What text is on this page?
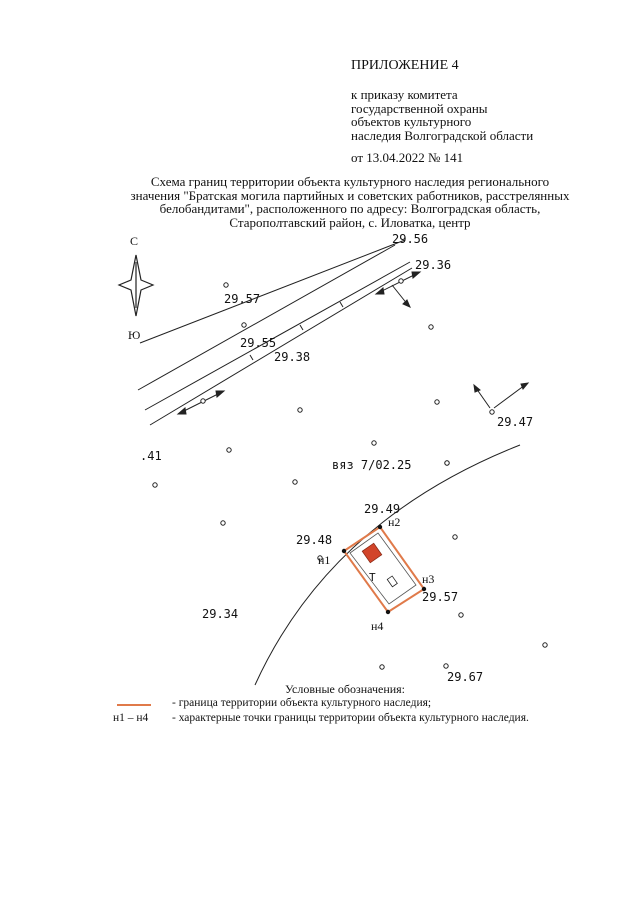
ПРИЛОЖЕНИЕ 4
к приказу комитета
государственной охраны
объектов культурного
наследия Волгоградской области
от 13.04.2022 № 141
Схема границ территории объекта культурного наследия регионального
значения "Братская могила партийных и советских работников, расстрелянных
белобандитами", расположенного по адресу: Волгоградская область,
Старополтавский район, с. Иловатка, центр
С
Ю
29.56
29.36
29.57
29.55
29.38
29.47
.41
29.49
29.48
29.57
29.34
29.67
вяз 7/02.25
н1
н2
н3
н4
Т
Условные обозначения:
- граница территории объекта культурного наследия;
н1 – н4 - характерные точки границы территории объекта культурного наследия.
